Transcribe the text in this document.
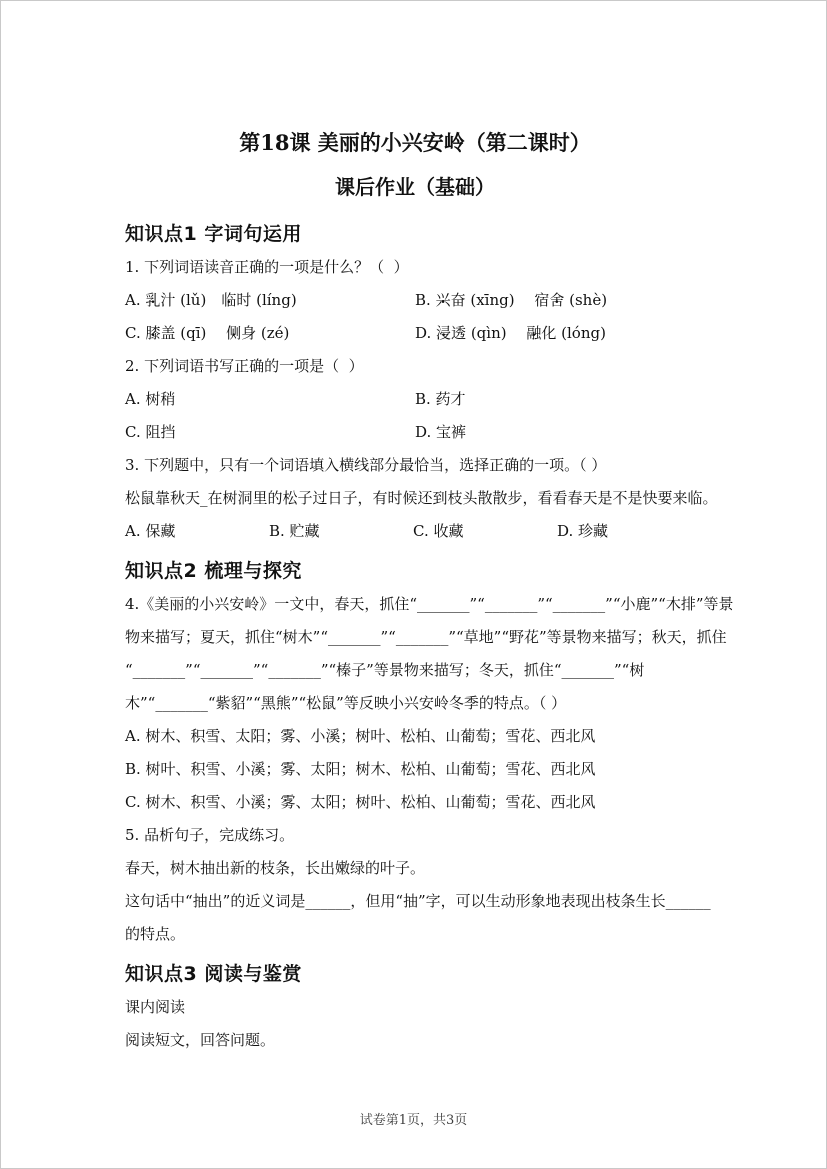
第18课 美丽的小兴安岭（第二课时）
课后作业（基础）
知识点1 字词句运用
1. 下列词语读音正确的一项是什么？（  ）
A. 乳 .汁 (lǔ)　临 .时 (líng)	B. 兴 .奋 (xīng)　 宿舍 . (shè)
C. 膝 .盖 (qī)　 侧 .身 (zé)	D. 浸 .透 (qìn)　 融 .化 (lóng)
2. 下列词语书写正确的一项是（  ）
A. 树稍	B. 药才
C. 阻挡	D. 宝裤
3. 下列题中，只有一个词语填入横线部分最恰当，选择正确的一项。（ ）
松鼠靠秋天_在树洞里的松子过日子，有时候还到枝头散散步，看看春天是不是快要来临。
A. 保藏	B. 贮藏	C. 收藏	D. 珍藏
知识点2 梳理与探究
4.《美丽的小兴安岭》一文中，春天，抓住“_______”“_______”“_______”“小鹿”“木排”等景
物来描写；夏天，抓住“树木”“_______”“_______”“草地”“野花”等景物来描写；秋天，抓住
“_______”“_______”“_______”“榛子”等景物来描写；冬天，抓住“_______”“树
木”“_______“紫貂”“黑熊”“松鼠”等反映小兴安岭冬季的特点。（ ）
A. 树木、积雪、太阳；雾、小溪；树叶、松柏、山葡萄；雪花、西北风
B. 树叶、积雪、小溪；雾、太阳；树木、松柏、山葡萄；雪花、西北风
C. 树木、积雪、小溪；雾、太阳；树叶、松柏、山葡萄；雪花、西北风
5. 品析句子，完成练习。
春天，树木抽出新的枝条，长出嫩绿的叶子。
这句话中“抽出”的近义词是______，但用“抽”字，可以生动形象地表现出枝条生长______
的特点。
知识点3 阅读与鉴赏
课内阅读
阅读短文，回答问题。
试卷第1页，共3页
